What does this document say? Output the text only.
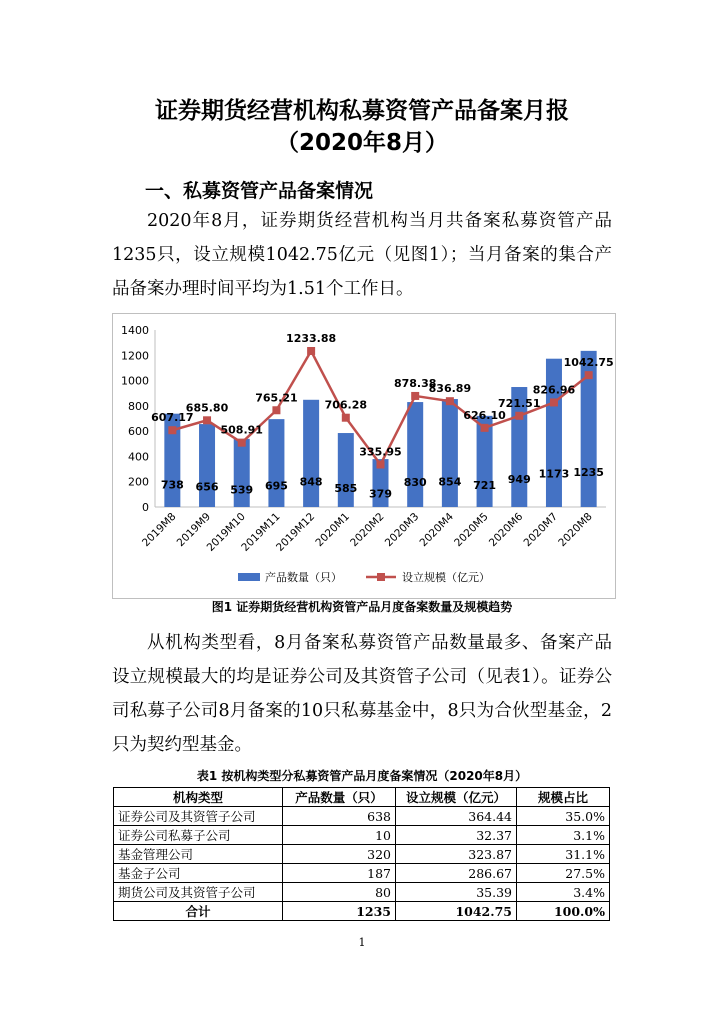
证券期货经营机构私募资管产品备案月报
（2020年8月）
一、私募资管产品备案情况
2020年8月，证券期货经营机构当月共备案私募资管产品1235只，设立规模1042.75亿元（见图1）；当月备案的集合产品备案办理时间平均为1.51个工作日。
0
200
400
600
800
1000
1200
1400
738 656 539 695 848
585 379
830 854 721 949 1173 1235
607.17
685.80
508.91
765.21
1233.88
706.28
335.95
878.38
836.89
626.10
721.51
826.96
1042.75
2019M8
2019M9
2019M10
2019M11
2019M12
2020M1
2020M2
2020M3
2020M4
2020M5
2020M6
2020M7
2020M8
产品数量（只）	设立规模（亿元）
图1 证券期货经营机构资管产品月度备案数量及规模趋势
从机构类型看，8月备案私募资管产品数量最多、备案产品设立规模最大的均是证券公司及其资管子公司（见表1）。证券公司私募子公司8月备案的10只私募基金中，8只为合伙型基金，2只为契约型基金。
表1 按机构类型分私募资管产品月度备案情况（2020年8月）
机构类型	产品数量（只）	设立规模（亿元）	规模占比
证券公司及其资管子公司	638	364.44	35.0%
证券公司私募子公司	10	32.37	3.1%
基金管理公司	320	323.87	31.1%
基金子公司	187	286.67	27.5%
期货公司及其资管子公司	80	35.39	3.4%
合计	1235	1042.75	100.0%
1
